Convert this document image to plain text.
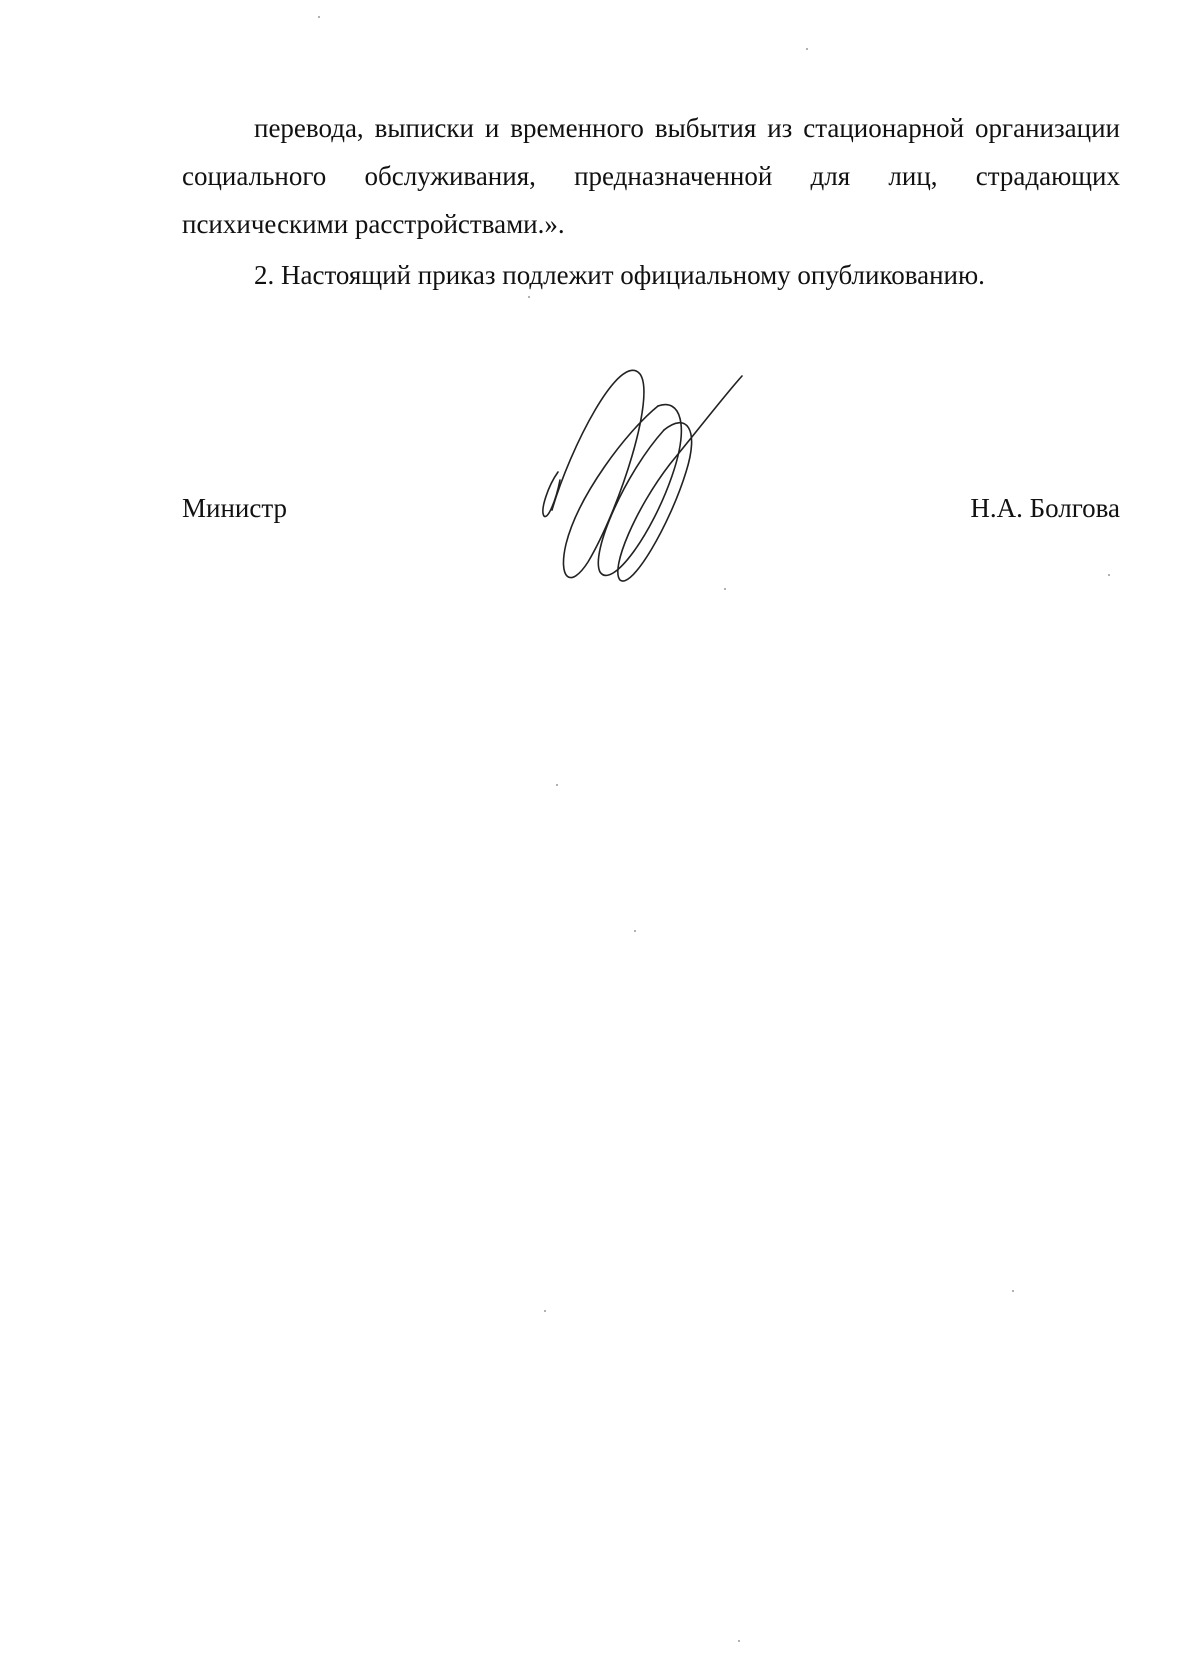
перевода, выписки и временного выбытия из стационарной организации социального обслуживания, предназначенной для лиц, страдающих психическими расстройствами.».

2. Настоящий приказ подлежит официальному опубликованию.

Министр	Н.А. Болгова
